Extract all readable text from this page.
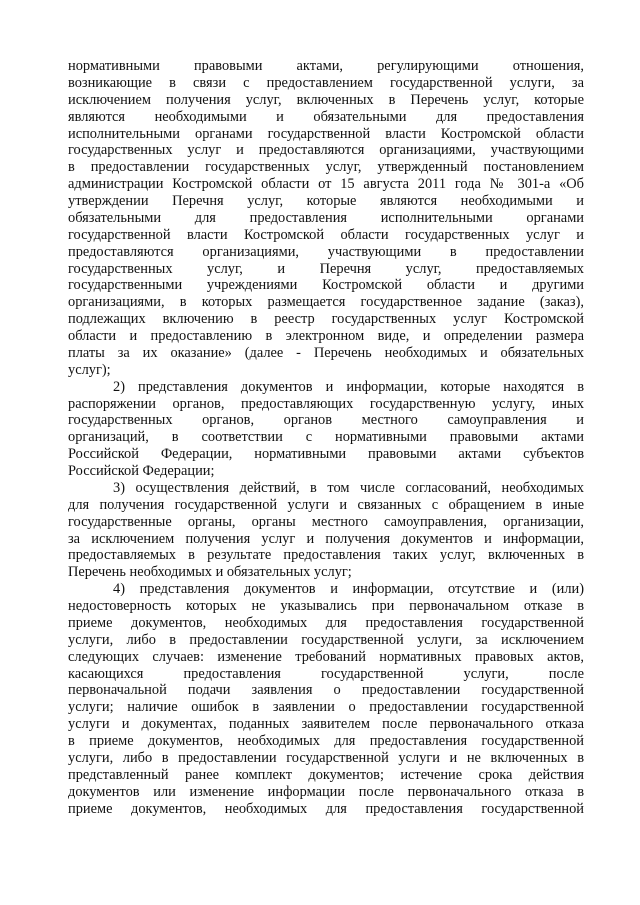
нормативными правовыми актами, регулирующими отношения,
возникающие в связи с предоставлением государственной услуги, за
исключением получения услуг, включенных в Перечень услуг, которые
являются необходимыми и обязательными для предоставления
исполнительными органами государственной власти Костромской области
государственных услуг и предоставляются организациями, участвующими
в предоставлении государственных услуг, утвержденный постановлением
администрации Костромской области от 15 августа 2011 года № 301-а «Об
утверждении Перечня услуг, которые являются необходимыми и
обязательными для предоставления исполнительными органами
государственной власти Костромской области государственных услуг и
предоставляются организациями, участвующими в предоставлении
государственных услуг, и Перечня услуг, предоставляемых
государственными учреждениями Костромской области и другими
организациями, в которых размещается государственное задание (заказ),
подлежащих включению в реестр государственных услуг Костромской
области и предоставлению в электронном виде, и определении размера
платы за их оказание» (далее - Перечень необходимых и обязательных
услуг);
2) представления документов и информации, которые находятся в
распоряжении органов, предоставляющих государственную услугу, иных
государственных органов, органов местного самоуправления и
организаций, в соответствии с нормативными правовыми актами
Российской Федерации, нормативными правовыми актами субъектов
Российской Федерации;
3) осуществления действий, в том числе согласований, необходимых
для получения государственной услуги и связанных с обращением в иные
государственные органы, органы местного самоуправления, организации,
за исключением получения услуг и получения документов и информации,
предоставляемых в результате предоставления таких услуг, включенных в
Перечень необходимых и обязательных услуг;
4) представления документов и информации, отсутствие и (или)
недостоверность которых не указывались при первоначальном отказе в
приеме документов, необходимых для предоставления государственной
услуги, либо в предоставлении государственной услуги, за исключением
следующих случаев: изменение требований нормативных правовых актов,
касающихся предоставления государственной услуги, после
первоначальной подачи заявления о предоставлении государственной
услуги; наличие ошибок в заявлении о предоставлении государственной
услуги и документах, поданных заявителем после первоначального отказа
в приеме документов, необходимых для предоставления государственной
услуги, либо в предоставлении государственной услуги и не включенных в
представленный ранее комплект документов; истечение срока действия
документов или изменение информации после первоначального отказа в
приеме документов, необходимых для предоставления государственной
